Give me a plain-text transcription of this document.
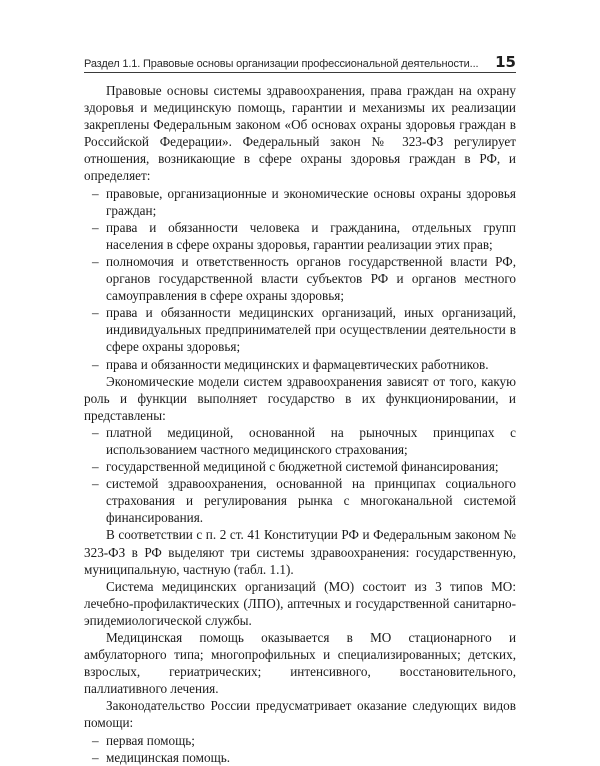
Раздел 1.1. Правовые основы организации профессиональной деятельности... 15

Правовые основы системы здравоохранения, права граждан на охрану здоровья и медицинскую помощь, гарантии и механизмы их реализации закреплены Федеральным законом «Об основах охраны здоровья граждан в Российской Федерации». Федеральный закон № 323-ФЗ регулирует отношения, возникающие в сфере охраны здоровья граждан в РФ, и определяет:

– правовые, организационные и экономические основы охраны здоровья граждан;
– права и обязанности человека и гражданина, отдельных групп населения в сфере охраны здоровья, гарантии реализации этих прав;
– полномочия и ответственность органов государственной власти РФ, органов государственной власти субъектов РФ и органов местного самоуправления в сфере охраны здоровья;
– права и обязанности медицинских организаций, иных организаций, индивидуальных предпринимателей при осуществлении деятельности в сфере охраны здоровья;
– права и обязанности медицинских и фармацевтических работников.

Экономические модели систем здравоохранения зависят от того, какую роль и функции выполняет государство в их функционировании, и представлены:

– платной медициной, основанной на рыночных принципах с использованием частного медицинского страхования;
– государственной медициной с бюджетной системой финансирования;
– системой здравоохранения, основанной на принципах социального страхования и регулирования рынка с многоканальной системой финансирования.

В соответствии с п. 2 ст. 41 Конституции РФ и Федеральным законом № 323-ФЗ в РФ выделяют три системы здравоохранения: государственную, муниципальную, частную (табл. 1.1).

Система медицинских организаций (МО) состоит из 3 типов МО: лечебно-профилактических (ЛПО), аптечных и государственной санитарно-эпидемиологической службы.

Медицинская помощь оказывается в МО стационарного и амбулаторного типа; многопрофильных и специализированных; детских, взрослых, гериатрических; интенсивного, восстановительного, паллиативного лечения.

Законодательство России предусматривает оказание следующих видов помощи:

– первая помощь;
– медицинская помощь.
